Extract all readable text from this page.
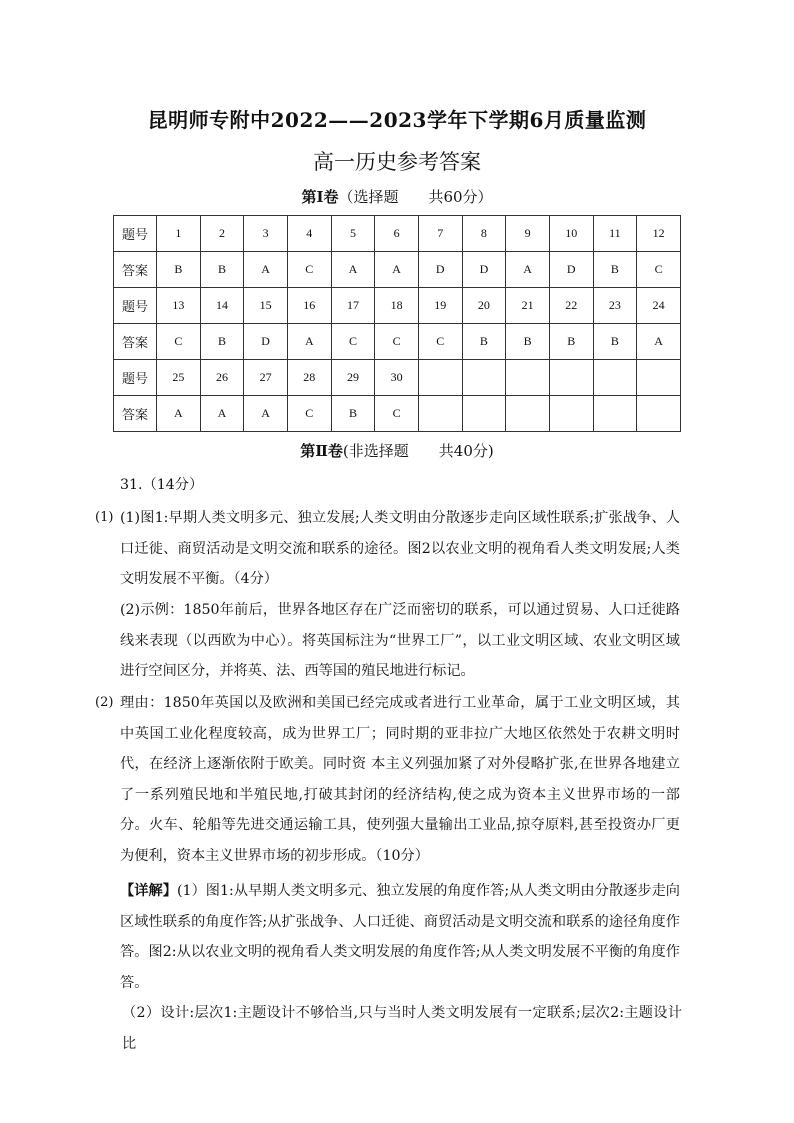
昆明师专附中2022——2023学年下学期6月质量监测
高一历史参考答案
第Ⅰ卷（选择题　　共60分）
题号	1	2	3	4	5	6	7	8	9	10	11	12
答案	B	B	A	C	A	A	D	D	A	D	B	C
题号	13	14	15	16	17	18	19	20	21	22	23	24
答案	C	B	D	A	C	C	C	B	B	B	B	A
题号	25	26	27	28	29	30						
答案	A	A	A	C	B	C						
第Ⅱ卷(非选择题　　共40分)
31.（14分）
(1) (1)图1:早期人类文明多元、独立发展;人类文明由分散逐步走向区域性联系;扩张战争、人口迁徙、商贸活动是文明交流和联系的途径。图2以农业文明的视角看人类文明发展;人类文明发展不平衡。（4分）
(2)示例：1850年前后，世界各地区存在广泛而密切的联系，可以通过贸易、人口迁徙路线来表现（以西欧为中心）。将英国标注为“世界工厂”，以工业文明区域、农业文明区域进行空间区分，并将英、法、西等国的殖民地进行标记。
(2) 理由：1850年英国以及欧洲和美国已经完成或者进行工业革命，属于工业文明区域，其中英国工业化程度较高，成为世界工厂；同时期的亚非拉广大地区依然处于农耕文明时代，在经济上逐渐依附于欧美。同时资 本主义列强加紧了对外侵略扩张,在世界各地建立了一系列殖民地和半殖民地,打破其封闭的经济结构,使之成为资本主义世界市场的一部分。火车、轮船等先进交通运输工具，使列强大量输出工业品,掠夺原料,甚至投资办厂更为便利，资本主义世界市场的初步形成。（10分）
【详解】(1）图1:从早期人类文明多元、独立发展的角度作答;从人类文明由分散逐步走向区域性联系的角度作答;从扩张战争、人口迁徙、商贸活动是文明交流和联系的途径角度作答。图2:从以农业文明的视角看人类文明发展的角度作答;从人类文明发展不平衡的角度作答。
（2）设计:层次1:主题设计不够恰当,只与当时人类文明发展有一定联系;层次2:主题设计比
